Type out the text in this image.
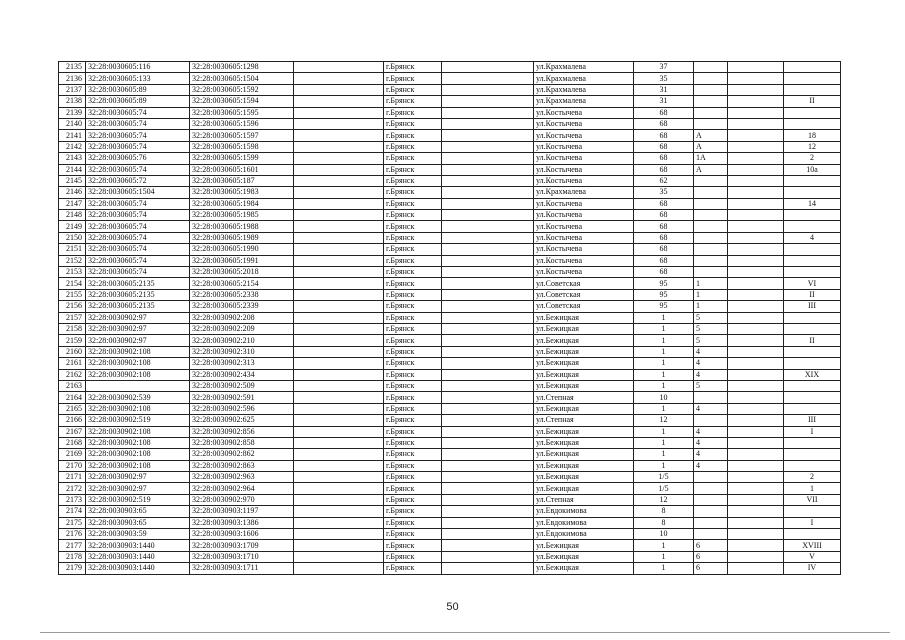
2135	32:28:0030605:116	32:28:0030605:1298		г.Брянск		ул.Крахмалева	37			
2136	32:28:0030605:133	32:28:0030605:1504		г.Брянск		ул.Крахмалева	35			
2137	32:28:0030605:89	32:28:0030605:1592		г.Брянск		ул.Крахмалева	31			
2138	32:28:0030605:89	32:28:0030605:1594		г.Брянск		ул.Крахмалева	31			II
2139	32:28:0030605:74	32:28:0030605:1595		г.Брянск		ул.Костычева	68			
2140	32:28:0030605:74	32:28:0030605:1596		г.Брянск		ул.Костычева	68			
2141	32:28:0030605:74	32:28:0030605:1597		г.Брянск		ул.Костычева	68	А		18
2142	32:28:0030605:74	32:28:0030605:1598		г.Брянск		ул.Костычева	68	А		12
2143	32:28:0030605:76	32:28:0030605:1599		г.Брянск		ул.Костычева	68	1А		2
2144	32:28:0030605:74	32:28:0030605:1601		г.Брянск		ул.Костычева	68	А		10а
2145	32:28:0030605:72	32:28:0030605:187		г.Брянск		ул.Костычева	62			
2146	32:28:0030605:1504	32:28:0030605:1983		г.Брянск		ул.Крахмалева	35			
2147	32:28:0030605:74	32:28:0030605:1984		г.Брянск		ул.Костычева	68			14
2148	32:28:0030605:74	32:28:0030605:1985		г.Брянск		ул.Костычева	68			
2149	32:28:0030605:74	32:28:0030605:1988		г.Брянск		ул.Костычева	68			
2150	32:28:0030605:74	32:28:0030605:1989		г.Брянск		ул.Костычева	68			4
2151	32:28:0030605:74	32:28:0030605:1990		г.Брянск		ул.Костычева	68			
2152	32:28:0030605:74	32:28:0030605:1991		г.Брянск		ул.Костычева	68			
2153	32:28:0030605:74	32:28:0030605:2018		г.Брянск		ул.Костычева	68			
2154	32:28:0030605:2135	32:28:0030605:2154		г.Брянск		ул.Советская	95	1		VI
2155	32:28:0030605:2135	32:28:0030605:2338		г.Брянск		ул.Советская	95	1		II
2156	32:28:0030605:2135	32:28:0030605:2339		г.Брянск		ул.Советская	95	1		III
2157	32:28:0030902:97	32:28:0030902:208		г.Брянск		ул.Бежицкая	1	5		
2158	32:28:0030902:97	32:28:0030902:209		г.Брянск		ул.Бежицкая	1	5		
2159	32:28:0030902:97	32:28:0030902:210		г.Брянск		ул.Бежицкая	1	5		II
2160	32:28:0030902:108	32:28:0030902:310		г.Брянск		ул.Бежицкая	1	4		
2161	32:28:0030902:108	32:28:0030902:313		г.Брянск		ул.Бежицкая	1	4		
2162	32:28:0030902:108	32:28:0030902:434		г.Брянск		ул.Бежицкая	1	4		XIX
2163		32:28:0030902:509		г.Брянск		ул.Бежицкая	1	5		
2164	32:28:0030902:539	32:28:0030902:591		г.Брянск		ул.Степная	10			
2165	32:28:0030902:108	32:28:0030902:596		г.Брянск		ул.Бежицкая	1	4		
2166	32:28:0030902:519	32:28:0030902:625		г.Брянск		ул.Степная	12			III
2167	32:28:0030902:108	32:28:0030902:856		г.Брянск		ул.Бежицкая	1	4		I
2168	32:28:0030902:108	32:28:0030902:858		г.Брянск		ул.Бежицкая	1	4		
2169	32:28:0030902:108	32:28:0030902:862		г.Брянск		ул.Бежицкая	1	4		
2170	32:28:0030902:108	32:28:0030902:863		г.Брянск		ул.Бежицкая	1	4		
2171	32:28:0030902:97	32:28:0030902:963		г.Брянск		ул.Бежицкая	1/5			2
2172	32:28:0030902:97	32:28:0030902:964		г.Брянск		ул.Бежицкая	1/5			1
2173	32:28:0030902:519	32:28:0030902:970		г.Брянск		ул.Степная	12			VII
2174	32:28:0030903:65	32:28:0030903:1197		г.Брянск		ул.Евдокимова	8			
2175	32:28:0030903:65	32:28:0030903:1386		г.Брянск		ул.Евдокимова	8			I
2176	32:28:0030903:59	32:28:0030903:1606		г.Брянск		ул.Евдокимова	10			
2177	32:28:0030903:1440	32:28:0030903:1709		г.Брянск		ул.Бежицкая	1	6		XVIII
2178	32:28:0030903:1440	32:28:0030903:1710		г.Брянск		ул.Бежицкая	1	6		V
2179	32:28:0030903:1440	32:28:0030903:1711		г.Брянск		ул.Бежицкая	1	6		IV
50
